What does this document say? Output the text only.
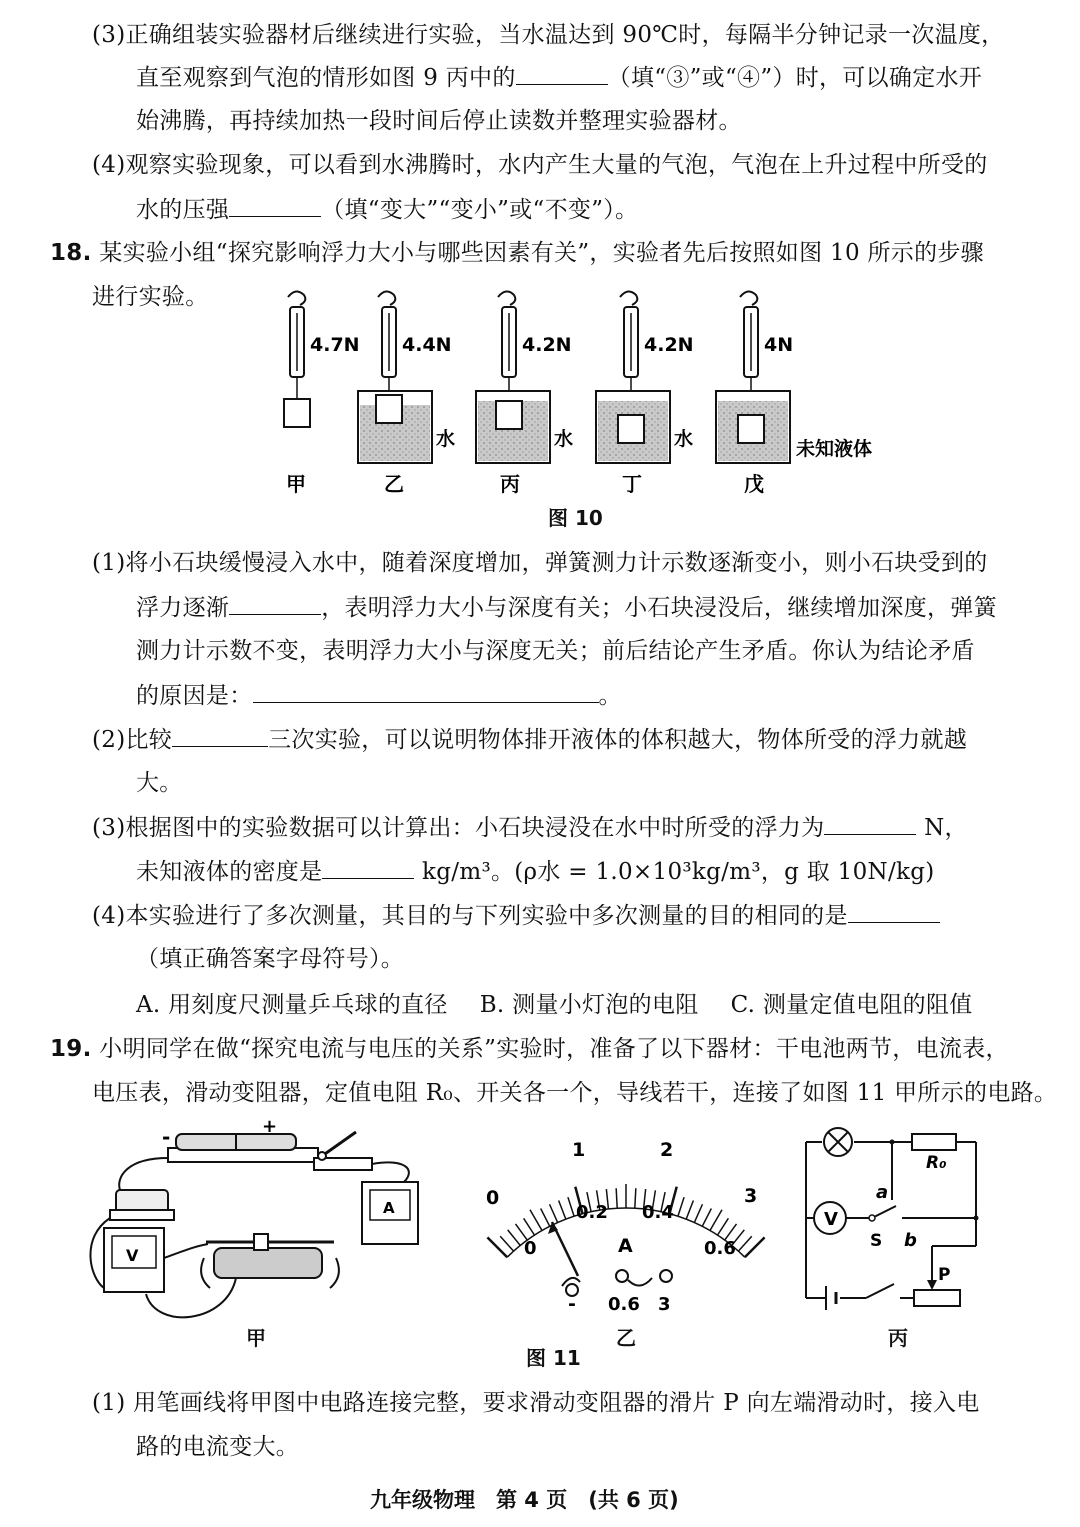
(3)正确组装实验器材后继续进行实验，当水温达到 90℃时，每隔半分钟记录一次温度，
直至观察到气泡的情形如图 9 丙中的	（填“③”或“④”）时，可以确定水开
始沸腾，再持续加热一段时间后停止读数并整理实验器材。
(4)观察实验现象，可以看到水沸腾时，水内产生大量的气泡，气泡在上升过程中所受的
水的压强	（填“变大”“变小”或“不变”）。
18. 某实验小组“探究影响浮力大小与哪些因素有关”，实验者先后按照如图 10 所示的步骤
进行实验。
4.7N 4.4N	4.2N	4.2N	4N
水	水	水	未知液体
甲	乙	丙	丁	戊
图 10
(1)将小石块缓慢浸入水中，随着深度增加，弹簧测力计示数逐渐变小，则小石块受到的
浮力逐渐	，表明浮力大小与深度有关；小石块浸没后，继续增加深度，弹簧
测力计示数不变，表明浮力大小与深度无关；前后结论产生矛盾。你认为结论矛盾
的原因是：	。
(2)比较	三次实验，可以说明物体排开液体的体积越大，物体所受的浮力就越
大。
(3)根据图中的实验数据可以计算出：小石块浸没在水中时所受的浮力为	N，
未知液体的密度是	kg/m³。(ρ水 = 1.0×10³kg/m³，g 取 10N/kg)
(4)本实验进行了多次测量，其目的与下列实验中多次测量的目的相同的是
（填正确答案字母符号）。
A. 用刻度尺测量乒乓球的直径 B. 测量小灯泡的电阻 C. 测量定值电阻的阻值
19. 小明同学在做“探究电流与电压的关系”实验时，准备了以下器材：干电池两节，电流表，
电压表，滑动变阻器，定值电阻 R₀、开关各一个，导线若干，连接了如图 11 甲所示的电路。
-	+
V
A
甲
0
1	2
3
0
0.2 0.4
0.6
A
- 0.6 3
乙
V
R₀
a
b
S
P
丙
图 11
(1) 用笔画线将甲图中电路连接完整，要求滑动变阻器的滑片 P 向左端滑动时，接入电
路的电流变大。
九年级物理　第 4 页　(共 6 页)
